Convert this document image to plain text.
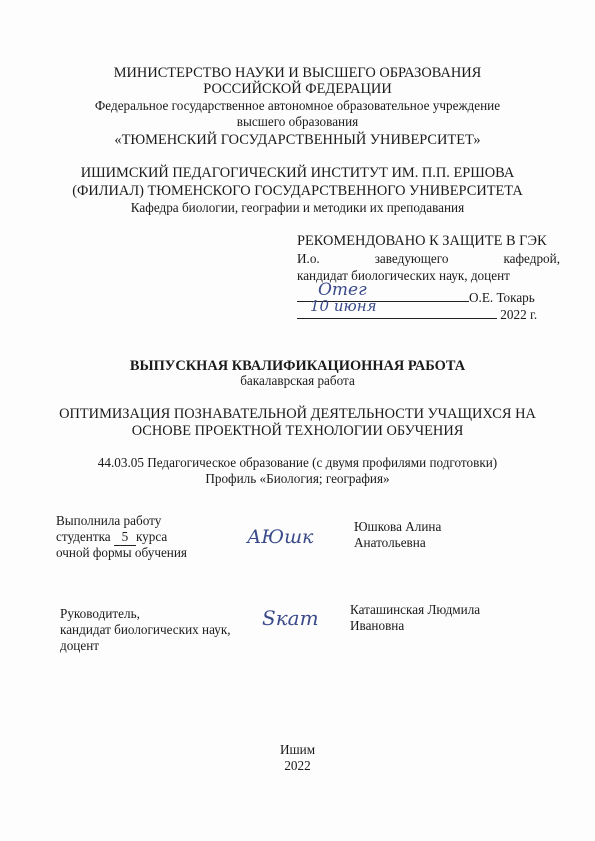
МИНИСТЕРСТВО НАУКИ И ВЫСШЕГО ОБРАЗОВАНИЯ
РОССИЙСКОЙ ФЕДЕРАЦИИ
Федеральное государственное автономное образовательное учреждение
высшего образования
«ТЮМЕНСКИЙ ГОСУДАРСТВЕННЫЙ УНИВЕРСИТЕТ»
ИШИМСКИЙ ПЕДАГОГИЧЕСКИЙ ИНСТИТУТ ИМ. П.П. ЕРШОВА
(ФИЛИАЛ) ТЮМЕНСКОГО ГОСУДАРСТВЕННОГО УНИВЕРСИТЕТА
Кафедра биологии, географии и методики их преподавания
РЕКОМЕНДОВАНО К ЗАЩИТЕ В ГЭК
И.о.	заведующего	кафедрой,
кандидат биологических наук, доцент
О.Е. Токарь
Отег
2022 г.
10 июня
ВЫПУСКНАЯ КВАЛИФИКАЦИОННАЯ РАБОТА
бакалаврская работа
ОПТИМИЗАЦИЯ ПОЗНАВАТЕЛЬНОЙ ДЕЯТЕЛЬНОСТИ УЧАЩИХСЯ НА
ОСНОВЕ ПРОЕКТНОЙ ТЕХНОЛОГИИ ОБУЧЕНИЯ
44.03.05 Педагогическое образование (с двумя профилями подготовки)
Профиль «Биология; география»
Выполнила работу
студентка 5 курса
очной формы обучения
АЮшк	Юшкова Алина
Анатольевна
Руководитель,
кандидат биологических наук,
доцент
Ѕкат Каташинская Людмила
Ивановна
Ишим
2022
